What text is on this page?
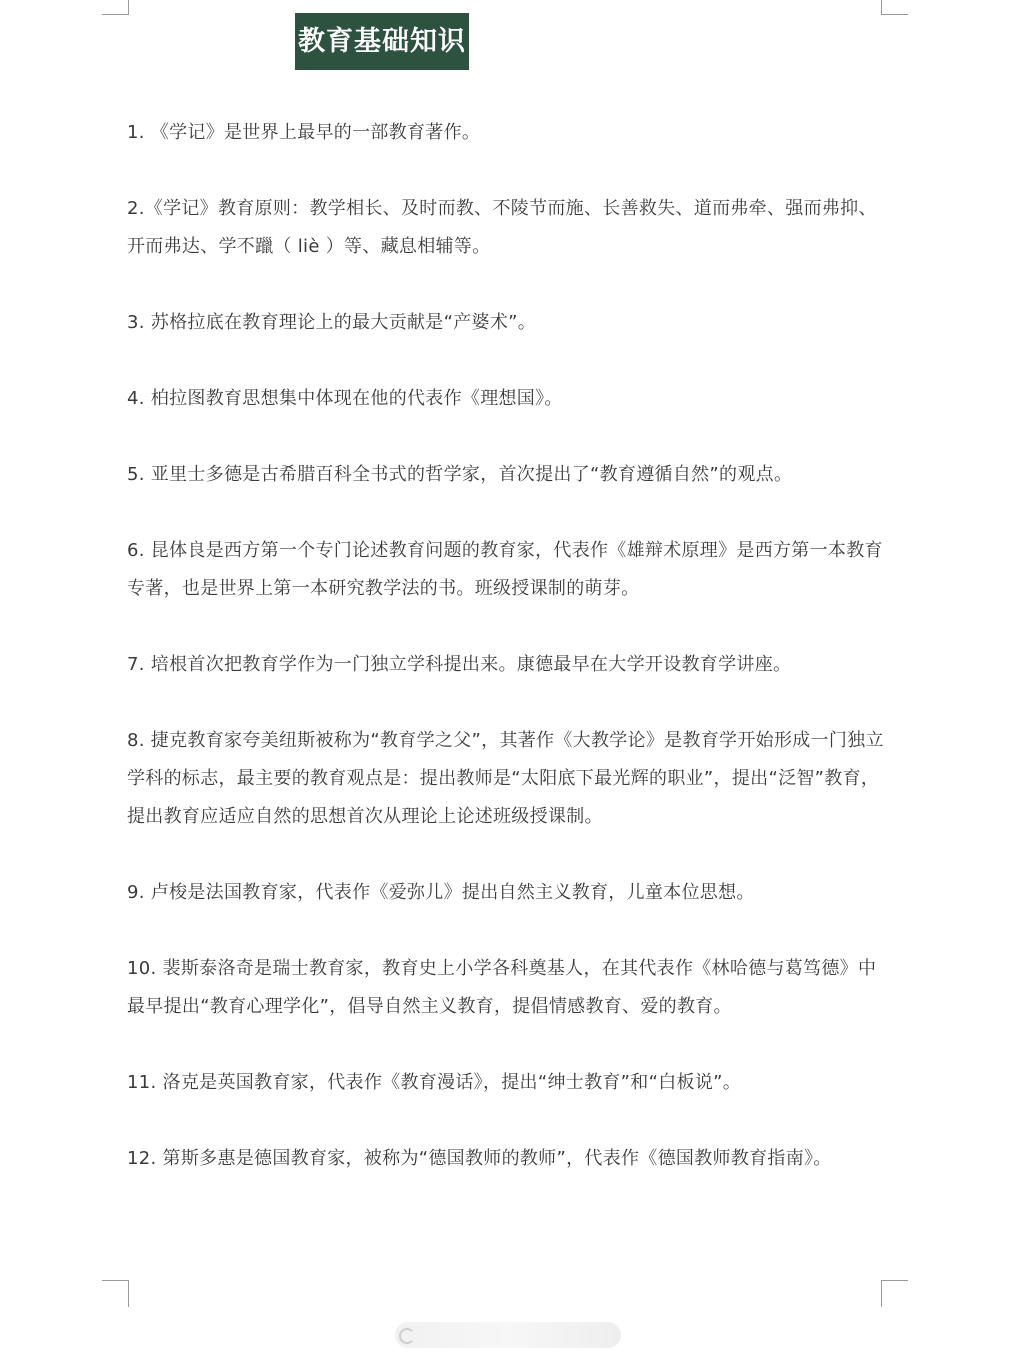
教育基础知识
1. 《学记》是世界上最早的一部教育著作。
2.《学记》教育原则：教学相长、及时而教、不陵节而施、长善救失、道而弗牵、强而弗抑、开而弗达、学不躐（ liè ）等、藏息相辅等。
3. 苏格拉底在教育理论上的最大贡献是“产婆术”。
4. 柏拉图教育思想集中体现在他的代表作《理想国》。
5. 亚里士多德是古希腊百科全书式的哲学家，首次提出了“教育遵循自然”的观点。
6. 昆体良是西方第一个专门论述教育问题的教育家，代表作《雄辩术原理》是西方第一本教育专著，也是世界上第一本研究教学法的书。班级授课制的萌芽。
7. 培根首次把教育学作为一门独立学科提出来。康德最早在大学开设教育学讲座。
8. 捷克教育家夸美纽斯被称为“教育学之父”，其著作《大教学论》是教育学开始形成一门独立学科的标志，最主要的教育观点是：提出教师是“太阳底下最光辉的职业”，提出“泛智”教育，提出教育应适应自然的思想首次从理论上论述班级授课制。
9. 卢梭是法国教育家，代表作《爱弥儿》提出自然主义教育，儿童本位思想。
10. 裴斯泰洛奇是瑞士教育家，教育史上小学各科奠基人，在其代表作《林哈德与葛笃德》中最早提出“教育心理学化”，倡导自然主义教育，提倡情感教育、爱的教育。
11. 洛克是英国教育家，代表作《教育漫话》，提出“绅士教育”和“白板说”。
12. 第斯多惠是德国教育家，被称为“德国教师的教师”，代表作《德国教师教育指南》。
